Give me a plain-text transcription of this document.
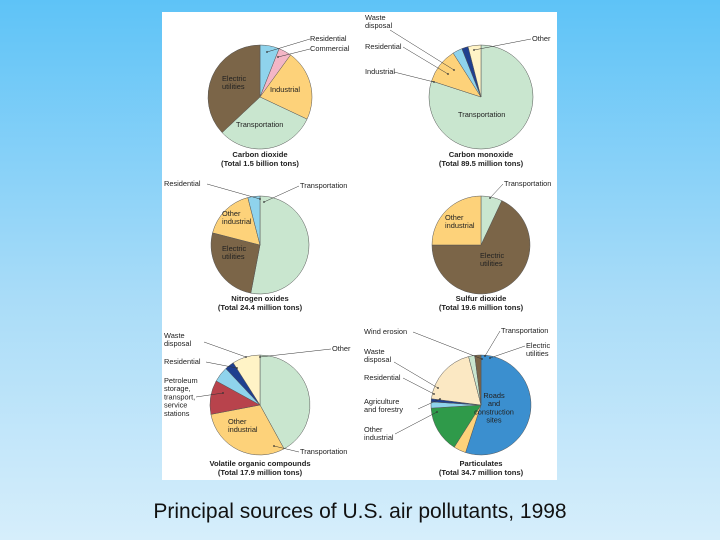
Carbon dioxide
(Total 1.5 billion tons)
Carbon monoxide
(Total 89.5 million tons)
Nitrogen oxides
(Total 24.4 million tons)
Sulfur dioxide
(Total 19.6 million tons)
Volatile organic compounds
(Total 17.9 million tons)
Particulates
(Total 34.7 million tons)
Residential
Commercial
Industrial
Electric utilities
Transportation
Waste disposal
Residential
Industrial
Other
Transportation
Residential	Transportation
Other industrial
Electric utilities
Transportation
Other industrial
Electric utilities
Waste disposal
Other
Residential
Petroleum storage, transport, service stations
Other industrial
Transportation
Wind erosion	Transportation
Electric utilities
Waste disposal
Residential
Agriculture and forestry
Other industrial
Roads and construction sites
Principal sources of U.S. air pollutants, 1998
